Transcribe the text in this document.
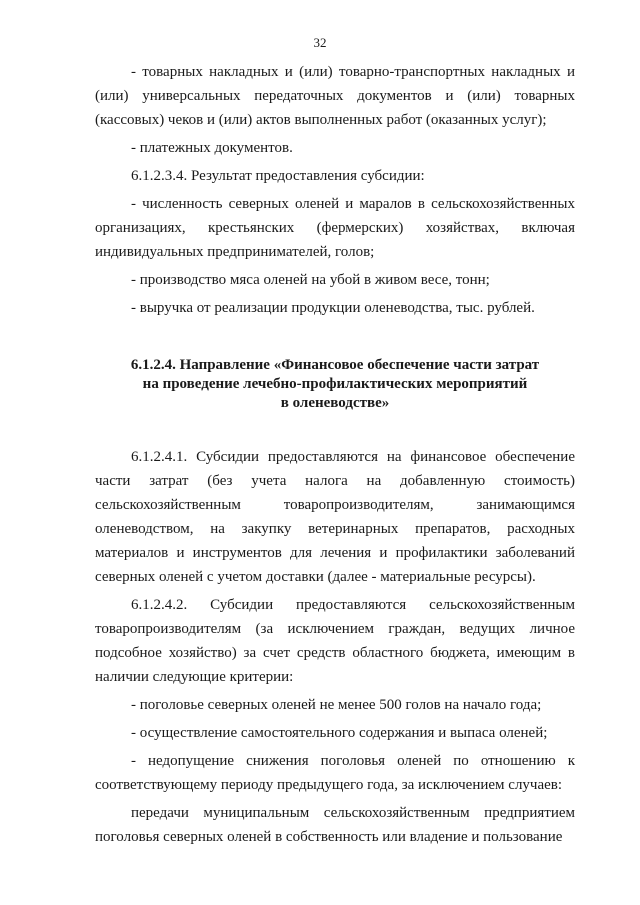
32

- товарных накладных и (или) товарно-транспортных накладных и (или) универсальных передаточных документов и (или) товарных (кассовых) чеков и (или) актов выполненных работ (оказанных услуг);

- платежных документов.

6.1.2.3.4. Результат предоставления субсидии:

- численность северных оленей и маралов в сельскохозяйственных организациях, крестьянских (фермерских) хозяйствах, включая индивидуальных предпринимателей, голов;

- производство мяса оленей на убой в живом весе, тонн;

- выручка от реализации продукции оленеводства, тыс. рублей.

6.1.2.4. Направление «Финансовое обеспечение части затрат
на проведение лечебно-профилактических мероприятий
в оленеводстве»

6.1.2.4.1. Субсидии предоставляются на финансовое обеспечение части затрат (без учета налога на добавленную стоимость) сельскохозяйственным товаропроизводителям, занимающимся оленеводством, на закупку ветеринарных препаратов, расходных материалов и инструментов для лечения и профилактики заболеваний северных оленей с учетом доставки (далее - материальные ресурсы).

6.1.2.4.2. Субсидии предоставляются сельскохозяйственным товаропроизводителям (за исключением граждан, ведущих личное подсобное хозяйство) за счет средств областного бюджета, имеющим в наличии следующие критерии:

- поголовье северных оленей не менее 500 голов на начало года;

- осуществление самостоятельного содержания и выпаса оленей;

- недопущение снижения поголовья оленей по отношению к соответствующему периоду предыдущего года, за исключением случаев:

передачи муниципальным сельскохозяйственным предприятием поголовья северных оленей в собственность или владение и пользование
